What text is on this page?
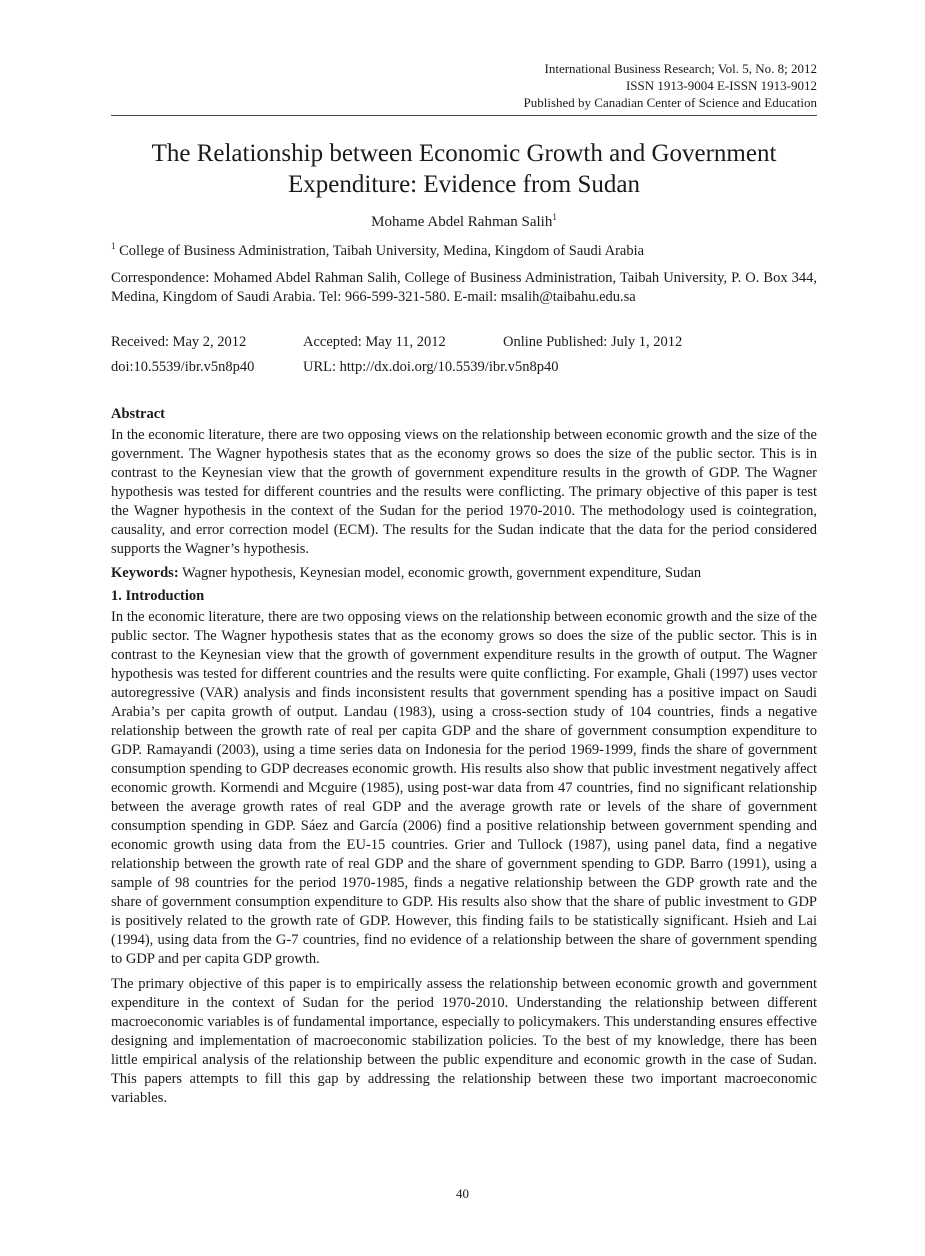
International Business Research; Vol. 5, No. 8; 2012
ISSN 1913-9004 E-ISSN 1913-9012
Published by Canadian Center of Science and Education
The Relationship between Economic Growth and Government
Expenditure: Evidence from Sudan
Mohame Abdel Rahman Salih$^1$
$^1$ College of Business Administration, Taibah University, Medina, Kingdom of Saudi Arabia
Correspondence: Mohamed Abdel Rahman Salih, College of Business Administration, Taibah University, P. O. Box 344, Medina, Kingdom of Saudi Arabia. Tel: 966-599-321-580. E-mail: msalih@taibahu.edu.sa
Received: May 2, 2012	Accepted: May 11, 2012	Online Published: July 1, 2012
doi:10.5539/ibr.v5n8p40	URL: http://dx.doi.org/10.5539/ibr.v5n8p40
Abstract
In the economic literature, there are two opposing views on the relationship between economic growth and the size of the government. The Wagner hypothesis states that as the economy grows so does the size of the public sector. This is in contrast to the Keynesian view that the growth of government expenditure results in the growth of GDP. The Wagner hypothesis was tested for different countries and the results were conflicting. The primary objective of this paper is test the Wagner hypothesis in the context of the Sudan for the period 1970-2010. The methodology used is cointegration, causality, and error correction model (ECM). The results for the Sudan indicate that the data for the period considered supports the Wagner’s hypothesis.
Keywords: Wagner hypothesis, Keynesian model, economic growth, government expenditure, Sudan
1. Introduction
In the economic literature, there are two opposing views on the relationship between economic growth and the size of the public sector. The Wagner hypothesis states that as the economy grows so does the size of the public sector. This is in contrast to the Keynesian view that the growth of government expenditure results in the growth of output. The Wagner hypothesis was tested for different countries and the results were quite conflicting. For example, Ghali (1997) uses vector autoregressive (VAR) analysis and finds inconsistent results that government spending has a positive impact on Saudi Arabia’s per capita growth of output. Landau (1983), using a cross-section study of 104 countries, finds a negative relationship between the growth rate of real per capita GDP and the share of government consumption expenditure to GDP. Ramayandi (2003), using a time series data on Indonesia for the period 1969-1999, finds the share of government consumption spending to GDP decreases economic growth. His results also show that public investment negatively affect economic growth. Kormendi and Mcguire (1985), using post-war data from 47 countries, find no significant relationship between the average growth rates of real GDP and the average growth rate or levels of the share of government consumption spending in GDP. Sáez and García (2006) find a positive relationship between government spending and economic growth using data from the EU-15 countries. Grier and Tullock (1987), using panel data, find a negative relationship between the growth rate of real GDP and the share of government spending to GDP. Barro (1991), using a sample of 98 countries for the period 1970-1985, finds a negative relationship between the GDP growth rate and the share of government consumption expenditure to GDP. His results also show that the share of public investment to GDP is positively related to the growth rate of GDP. However, this finding fails to be statistically significant. Hsieh and Lai (1994), using data from the G-7 countries, find no evidence of a relationship between the share of government spending to GDP and per capita GDP growth.
The primary objective of this paper is to empirically assess the relationship between economic growth and government expenditure in the context of Sudan for the period 1970-2010. Understanding the relationship between different macroeconomic variables is of fundamental importance, especially to policymakers. This understanding ensures effective designing and implementation of macroeconomic stabilization policies. To the best of my knowledge, there has been little empirical analysis of the relationship between the public expenditure and economic growth in the case of Sudan. This papers attempts to fill this gap by addressing the relationship between these two important macroeconomic variables.
40
